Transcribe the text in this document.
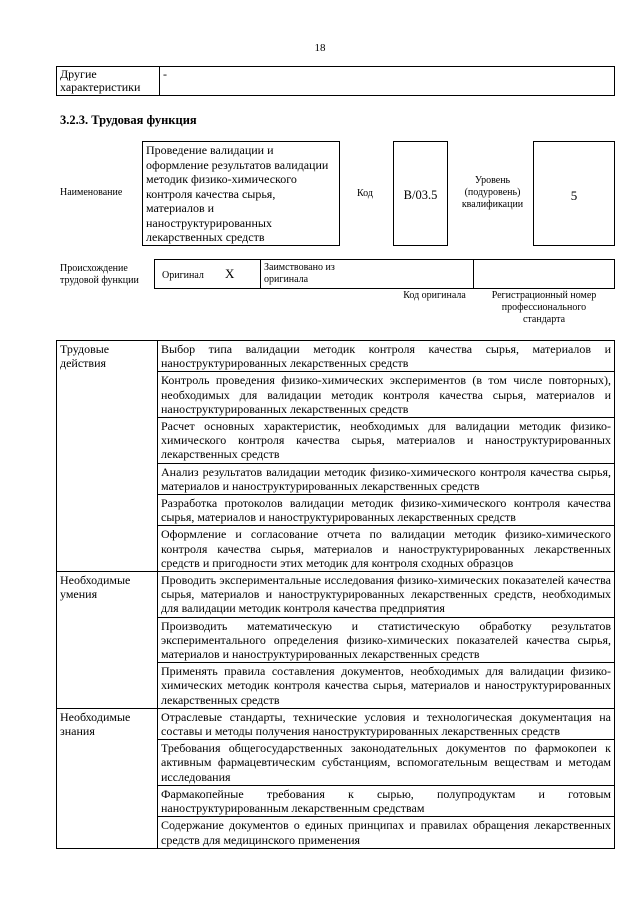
18
Другие характеристики	-
3.2.3. Трудовая функция
Наименование
Проведение валидации и оформление результатов валидации методик физико-химического контроля качества сырья, материалов и наноструктурированных лекарственных средств
Код	B/03.5
Уровень (подуровень) квалификации
5
Происхождение трудовой функции	Оригинал X	Заимствовано из оригинала
Код оригинала	Регистрационный номер профессионального стандарта
Трудовые действия	Выбор типа валидации методик контроля качества сырья, материалов и наноструктурированных лекарственных средств
	Контроль проведения физико-химических экспериментов (в том числе повторных), необходимых для валидации методик контроля качества сырья, материалов и наноструктурированных лекарственных средств
	Расчет основных характеристик, необходимых для валидации методик физико-химического контроля качества сырья, материалов и наноструктурированных лекарственных средств
	Анализ результатов валидации методик физико-химического контроля качества сырья, материалов и наноструктурированных лекарственных средств
	Разработка протоколов валидации методик физико-химического контроля качества сырья, материалов и наноструктурированных лекарственных средств
	Оформление и согласование отчета по валидации методик физико-химического контроля качества сырья, материалов и наноструктурированных лекарственных средств и пригодности этих методик для контроля сходных образцов
Необходимые умения	Проводить экспериментальные исследования физико-химических показателей качества сырья, материалов и наноструктурированных лекарственных средств, необходимых для валидации методик контроля качества предприятия
	Производить математическую и статистическую обработку результатов экспериментального определения физико-химических показателей качества сырья, материалов и наноструктурированных лекарственных средств
	Применять правила составления документов, необходимых для валидации физико-химических методик контроля качества сырья, материалов и наноструктурированных лекарственных средств
Необходимые знания	Отраслевые стандарты, технические условия и технологическая документация на составы и методы получения наноструктурированных лекарственных средств
	Требования общегосударственных законодательных документов по фармокопеи к активным фармацевтическим субстанциям, вспомогательным веществам и методам исследования
	Фармакопейные требования к сырью, полупродуктам и готовым наноструктурированным лекарственным средствам
	Содержание документов о единых принципах и правилах обращения лекарственных средств для медицинского применения
